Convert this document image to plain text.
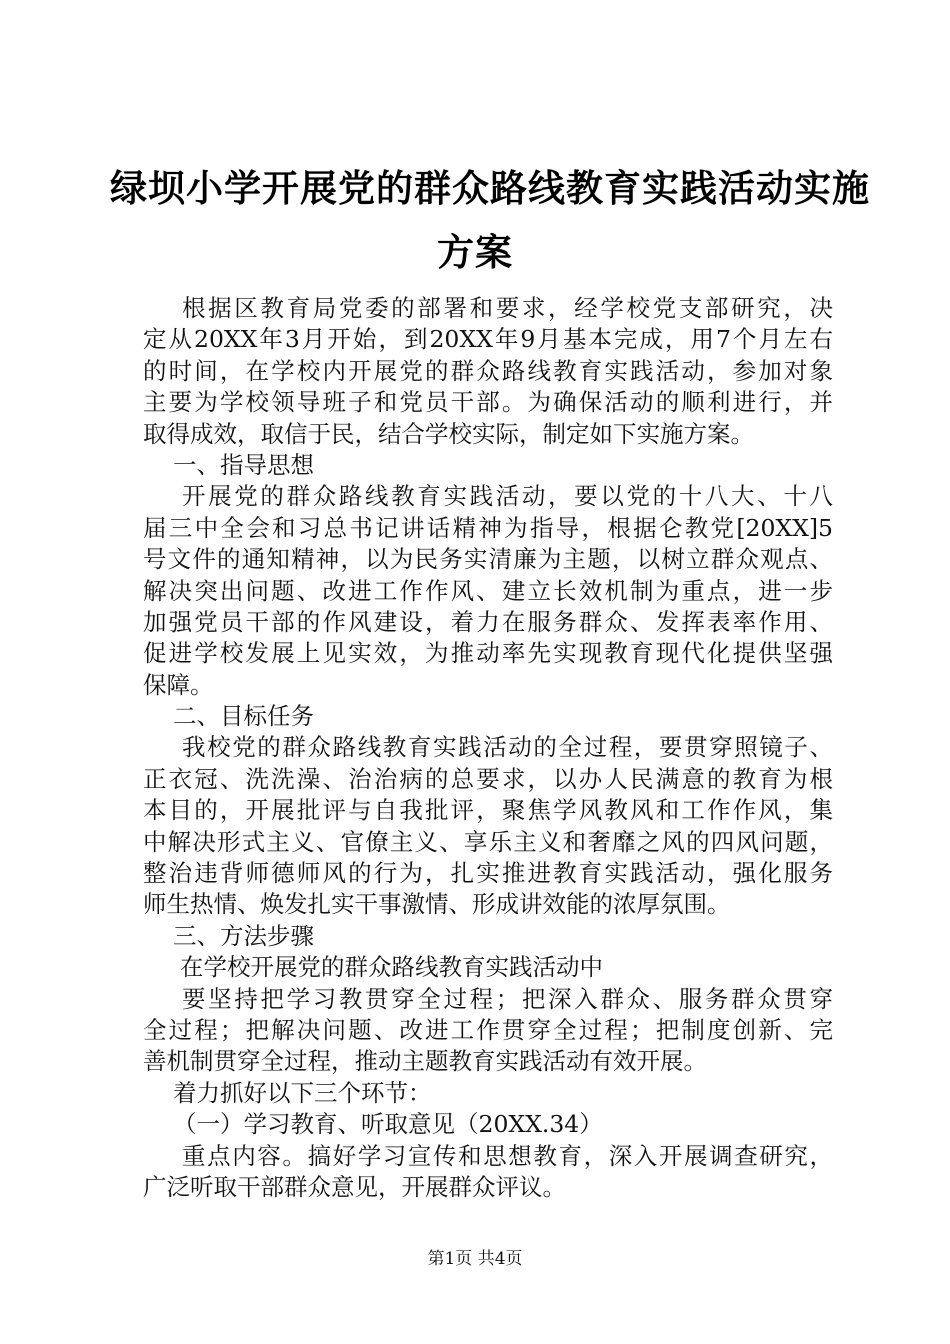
绿坝小学开展党的群众路线教育实践活动实施
方案
根据区教育局党委的部署和要求，经学校党支部研究，决
定从20XX年3月开始，到20XX年9月基本完成，用7个月左右
的时间，在学校内开展党的群众路线教育实践活动，参加对象
主要为学校领导班子和党员干部。为确保活动的顺利进行，并
取得成效，取信于民，结合学校实际，制定如下实施方案。
一、指导思想
开展党的群众路线教育实践活动，要以党的十八大、十八
届三中全会和习总书记讲话精神为指导，根据仑教党[20XX]5
号文件的通知精神，以为民务实清廉为主题，以树立群众观点、
解决突出问题、改进工作作风、建立长效机制为重点，进一步
加强党员干部的作风建设，着力在服务群众、发挥表率作用、
促进学校发展上见实效，为推动率先实现教育现代化提供坚强
保障。
二、目标任务
我校党的群众路线教育实践活动的全过程，要贯穿照镜子、
正衣冠、洗洗澡、治治病的总要求，以办人民满意的教育为根
本目的，开展批评与自我批评，聚焦学风教风和工作作风，集
中解决形式主义、官僚主义、享乐主义和奢靡之风的四风问题，
整治违背师德师风的行为，扎实推进教育实践活动，强化服务
师生热情、焕发扎实干事激情、形成讲效能的浓厚氛围。
三、方法步骤
在学校开展党的群众路线教育实践活动中
要坚持把学习教贯穿全过程；把深入群众、服务群众贯穿
全过程；把解决问题、改进工作贯穿全过程；把制度创新、完
善机制贯穿全过程，推动主题教育实践活动有效开展。
着力抓好以下三个环节：
（一）学习教育、听取意见（20XX.34）
重点内容。搞好学习宣传和思想教育，深入开展调查研究，
广泛听取干部群众意见，开展群众评议。
第1页 共4页
